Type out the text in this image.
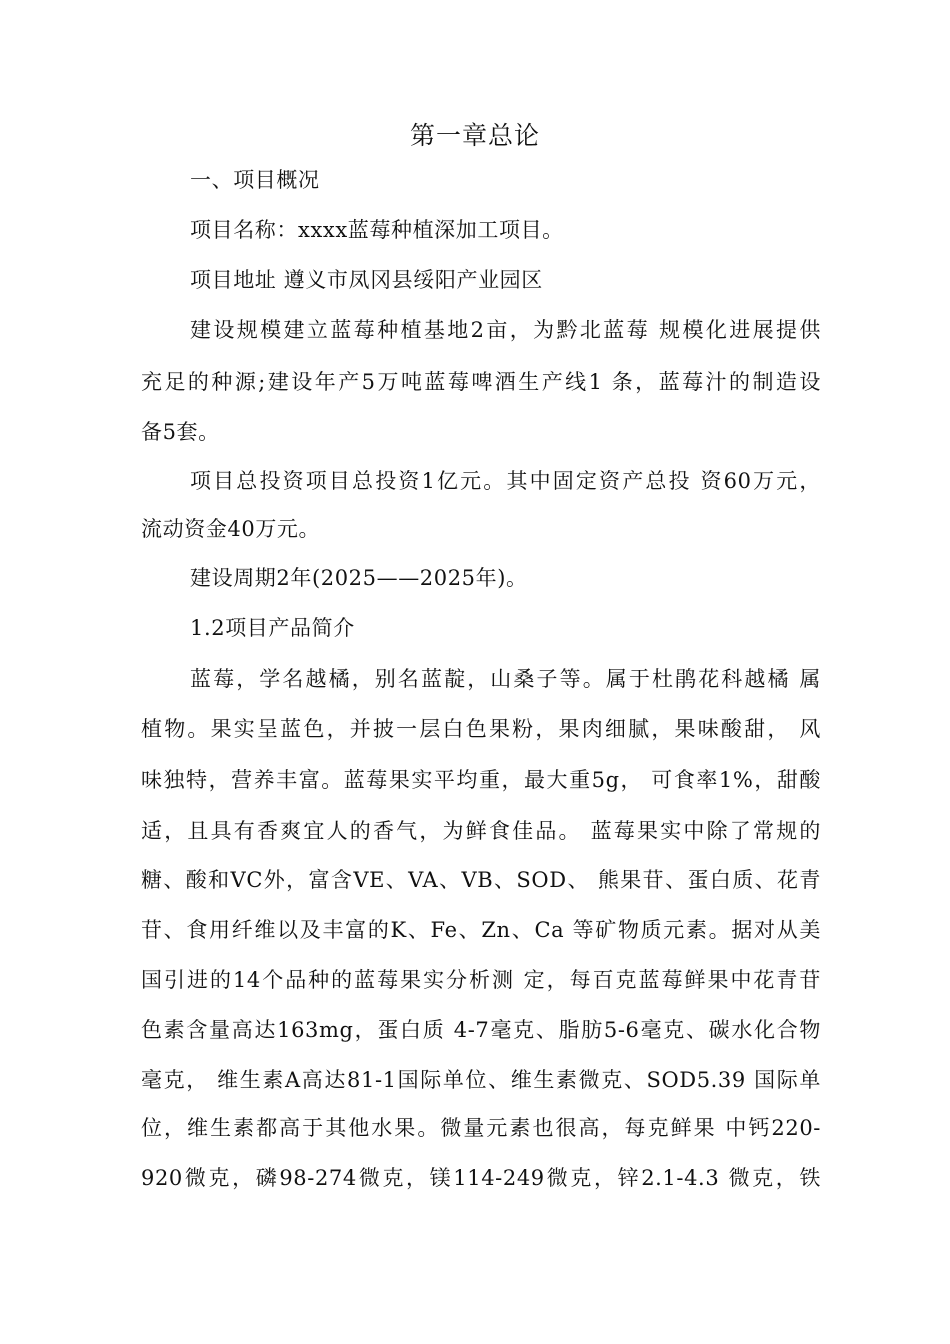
第一章总论
一、项目概况
项目名称：xxxx蓝莓种植深加工项目。
项目地址 遵义市凤冈县绥阳产业园区
建设规模建立蓝莓种植基地2亩，为黔北蓝莓 规模化进展提供
充足的种源;建设年产5万吨蓝莓啤酒生产线1 条，蓝莓汁的制造设
备5套。
项目总投资项目总投资1亿元。其中固定资产总投 资60万元，
流动资金40万元。
建设周期2年(2025——2025年)。
1.2项目产品简介
蓝莓，学名越橘，别名蓝靛，山桑子等。属于杜鹃花科越橘 属
植物。果实呈蓝色，并披一层白色果粉，果肉细腻，果味酸甜， 风
味独特，营养丰富。蓝莓果实平均重，最大重5g， 可食率1%，甜酸
适，且具有香爽宜人的香气，为鲜食佳品。 蓝莓果实中除了常规的
糖、酸和VC外，富含VE、VA、VB、SOD、 熊果苷、蛋白质、花青
苷、食用纤维以及丰富的K、Fe、Zn、Ca 等矿物质元素。据对从美
国引进的14个品种的蓝莓果实分析测 定，每百克蓝莓鲜果中花青苷
色素含量高达163mg，蛋白质 4-7毫克、脂肪5-6毫克、碳水化合物
毫克， 维生素A高达81-1国际单位、维生素微克、SOD5.39 国际单
位，维生素都高于其他水果。微量元素也很高，每克鲜果 中钙220-
920微克，磷98-274微克，镁114-249微克，锌2.1-4.3 微克，铁
